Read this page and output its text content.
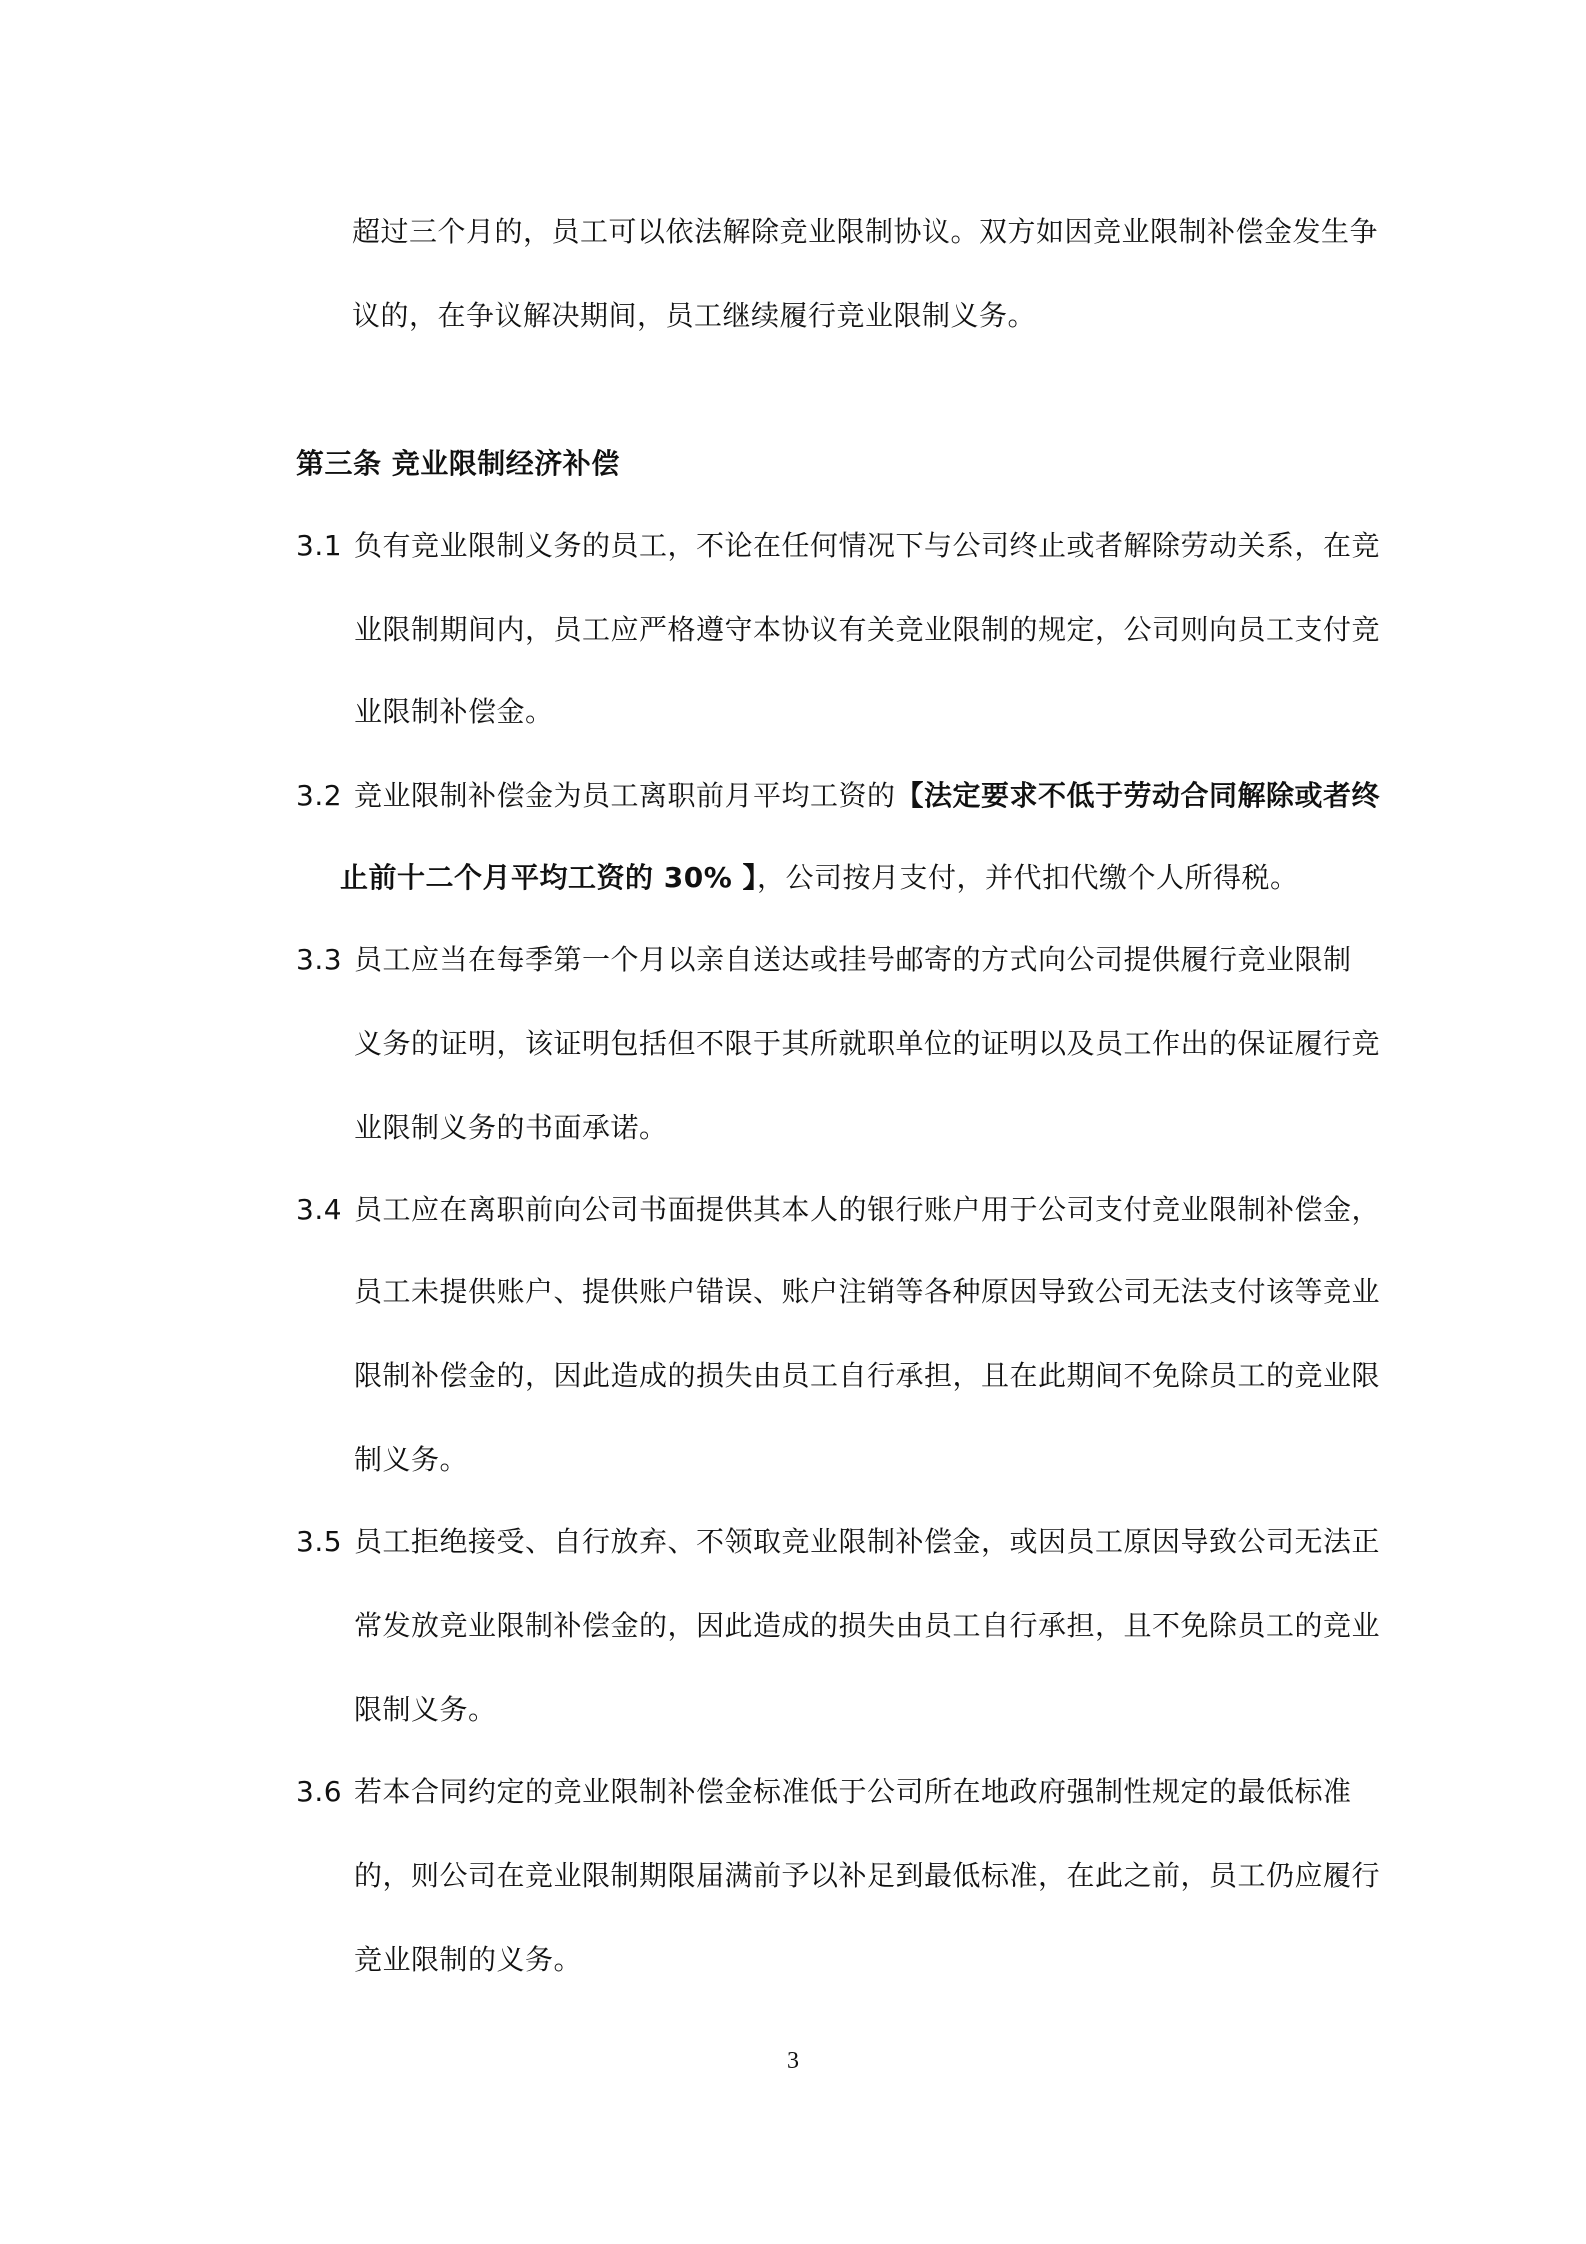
超过三个月的，员工可以依法解除竞业限制协议。双方如因竞业限制补偿金发生争
议的，在争议解决期间，员工继续履行竞业限制义务。
第三条 竞业限制经济补偿
3.1 负有竞业限制义务的员工，不论在任何情况下与公司终止或者解除劳动关系，在竞
业限制期间内，员工应严格遵守本协议有关竞业限制的规定，公司则向员工支付竞
业限制补偿金。
3.2 竞业限制补偿金为员工离职前月平均工资的【法定要求不低于劳动合同解除或者终
止前十二个月平均工资的 30% 】，公司按月支付，并代扣代缴个人所得税。
3.3 员工应当在每季第一个月以亲自送达或挂号邮寄的方式向公司提供履行竞业限制
义务的证明，该证明包括但不限于其所就职单位的证明以及员工作出的保证履行竞
业限制义务的书面承诺。
3.4 员工应在离职前向公司书面提供其本人的银行账户用于公司支付竞业限制补偿金，
员工未提供账户、提供账户错误、账户注销等各种原因导致公司无法支付该等竞业
限制补偿金的，因此造成的损失由员工自行承担，且在此期间不免除员工的竞业限
制义务。
3.5 员工拒绝接受、自行放弃、不领取竞业限制补偿金，或因员工原因导致公司无法正
常发放竞业限制补偿金的，因此造成的损失由员工自行承担，且不免除员工的竞业
限制义务。
3.6 若本合同约定的竞业限制补偿金标准低于公司所在地政府强制性规定的最低标准
的，则公司在竞业限制期限届满前予以补足到最低标准，在此之前，员工仍应履行
竞业限制的义务。
3
